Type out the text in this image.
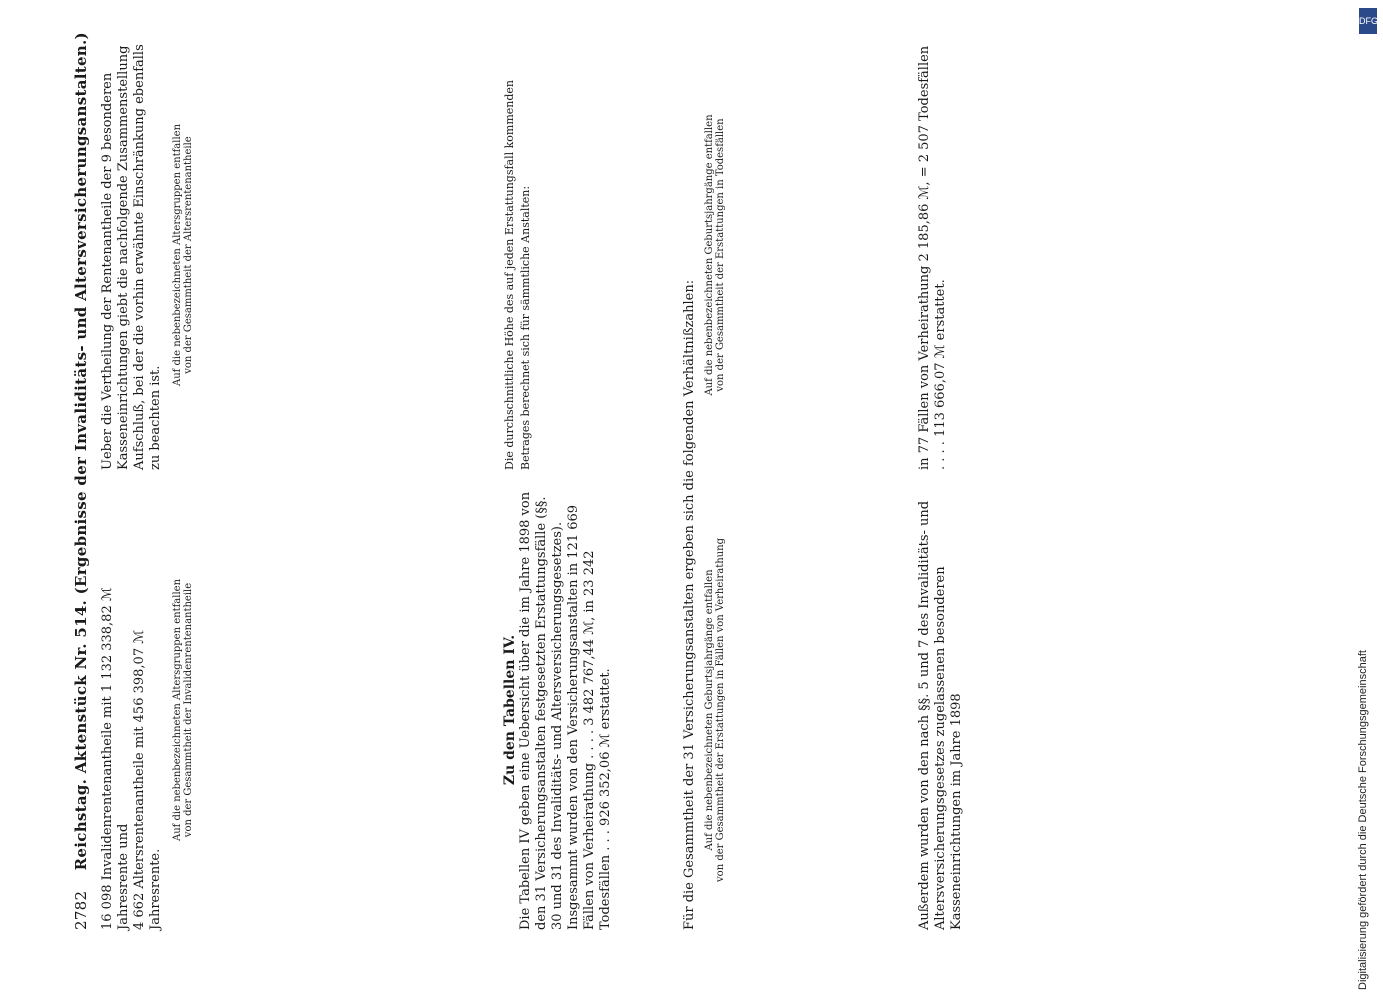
2782    Reichstag. Aktenstück Nr. 514. (Ergebnisse der Invaliditäts- und Altersversicherungsanstalten.) 16 098 Invalidenrentenantheile mit 1 132 338,82 ℳ Jahresrente und 4 662 Altersrentenantheile mit 456 398,07 ℳ Jahresrente.
Ueber die Vertheilung der Rentenantheile der 9 besonderen Kasseneinrichtungen giebt die nachfolgende Zusammenstellung Aufschluß, bei der die vorhin erwähnte Einschränkung ebenfalls zu beachten ist.
Auf die nebenbezeichneten Altersgruppen entfallen von der Gesammtheit der Invalidenrentenantheile
Auf die nebenbezeichneten Altersgruppen entfallen von der Gesammtheit der Altersrentenantheile
Zu den Tabellen IV. Die Tabellen IV geben eine Uebersicht über die im Jahre 1898 von den 31 Versicherungsanstalten festgesetzten Erstattungsfälle (§§. 30 und 31 des Invaliditäts- und Altersversicherungsgesetzes). Insgesammt wurden von den Versicherungsanstalten in 121 669 Fällen von Verheirathung . . . . 3 482 767,44 ℳ, in 23 242 Todesfällen . . . 926 352,06 ℳ erstattet.
Die durchschnittliche Höhe des auf jeden Erstattungsfall kommenden Betrages berechnet sich für sämmtliche Anstalten:	Für die Gesammtheit der 31 Versicherungsanstalten ergeben sich die folgenden Verhältnißzahlen: Auf die nebenbezeichneten Geburtsjahrgänge entfallen von der Gesammtheit der Erstattungen in Fällen von Verheirathung
Auf die nebenbezeichneten Geburtsjahrgänge entfallen von der Gesammtheit der Erstattungen in Todesfällen
Außerdem wurden von den nach §§. 5 und 7 des Invaliditäts- und Altersversicherungsgesetzes zugelassenen besonderen Kasseneinrichtungen im Jahre 1898
in 77 Fällen von Verheirathung 2 185,86 ℳ, = 2 507 Todesfällen . . . . 113 666,07 ℳ erstattet.
DFG
Digitalisierung gefördert durch die Deutsche Forschungsgemeinschaft
